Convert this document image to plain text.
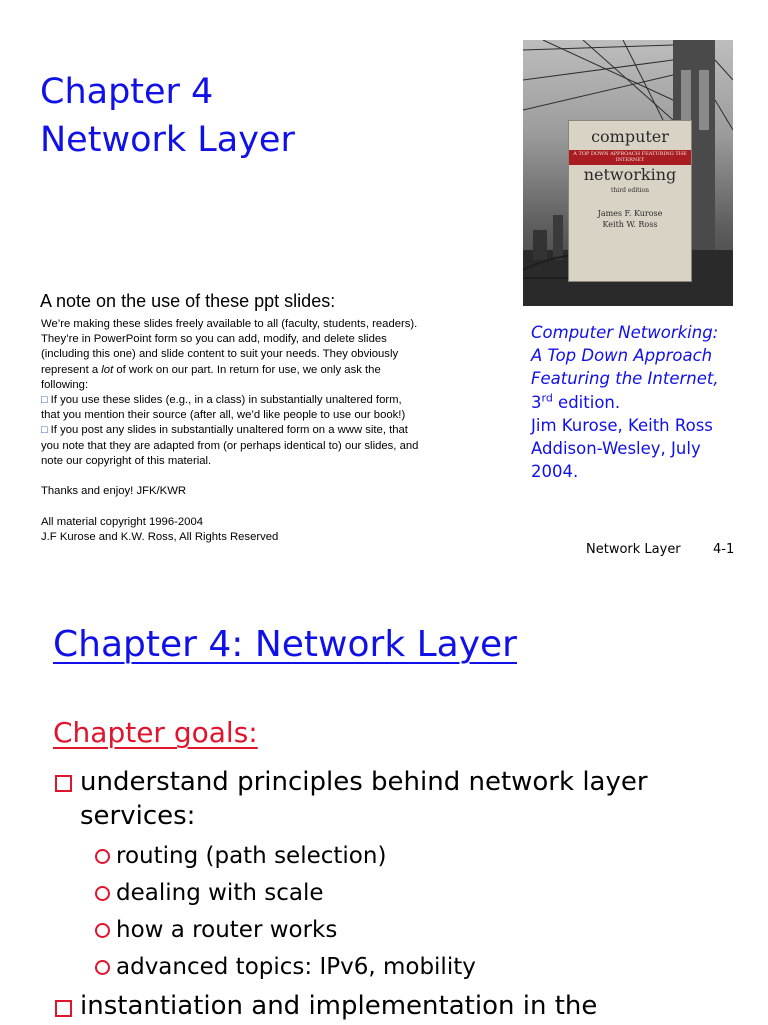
Chapter 4
Network Layer	computer
A TOP DOWN APPROACH FEATURING THE INTERNET
networking
third edition
James F. Kurose
Keith W. Ross
Computer Networking:
A Top Down Approach
Featuring the Internet,
3rd edition.
Jim Kurose, Keith Ross
Addison-Wesley, July
2004.
A note on the use of these ppt slides:
We’re making these slides freely available to all (faculty, students, readers).
They’re in PowerPoint form so you can add, modify, and delete slides
(including this one) and slide content to suit your needs. They obviously
represent a lot of work on our part. In return for use, we only ask the
following:
□ If you use these slides (e.g., in a class) in substantially unaltered form,
that you mention their source (after all, we’d like people to use our book!)
□ If you post any slides in substantially unaltered form on a www site, that
you note that they are adapted from (or perhaps identical to) our slides, and
note our copyright of this material.
Thanks and enjoy! JFK/KWR
All material copyright 1996-2004
J.F Kurose and K.W. Ross, All Rights Reserved
Network Layer 4-1
Chapter 4: Network Layer
Chapter goals:
understand principles behind network layer
services:
routing (path selection)
dealing with scale
how a router works
advanced topics: IPv6, mobility
instantiation and implementation in the
